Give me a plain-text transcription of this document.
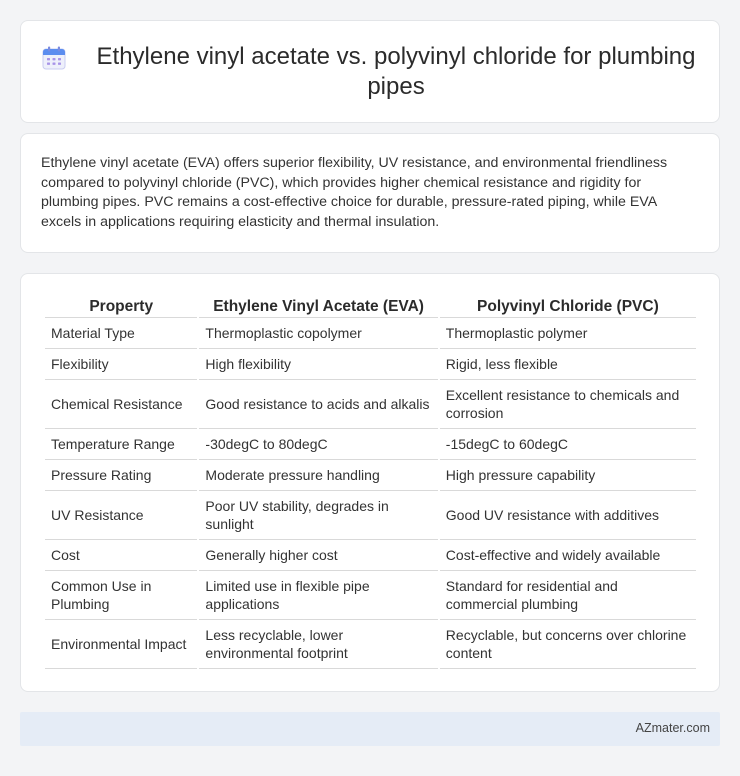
Ethylene vinyl acetate vs. polyvinyl chloride for plumbing pipes

Ethylene vinyl acetate (EVA) offers superior flexibility, UV resistance, and environmental friendliness compared to polyvinyl chloride (PVC), which provides higher chemical resistance and rigidity for plumbing pipes. PVC remains a cost-effective choice for durable, pressure-rated piping, while EVA excels in applications requiring elasticity and thermal insulation.

Property	Ethylene Vinyl Acetate (EVA)	Polyvinyl Chloride (PVC)
Material Type	Thermoplastic copolymer	Thermoplastic polymer
Flexibility	High flexibility	Rigid, less flexible
Chemical Resistance	Good resistance to acids and alkalis	Excellent resistance to chemicals and corrosion
Temperature Range	-30degC to 80degC	-15degC to 60degC
Pressure Rating	Moderate pressure handling	High pressure capability
UV Resistance	Poor UV stability, degrades in sunlight	Good UV resistance with additives
Cost	Generally higher cost	Cost-effective and widely available
Common Use in Plumbing	Limited use in flexible pipe applications	Standard for residential and commercial plumbing
Environmental Impact	Less recyclable, lower environmental footprint	Recyclable, but concerns over chlorine content
AZmater.com
